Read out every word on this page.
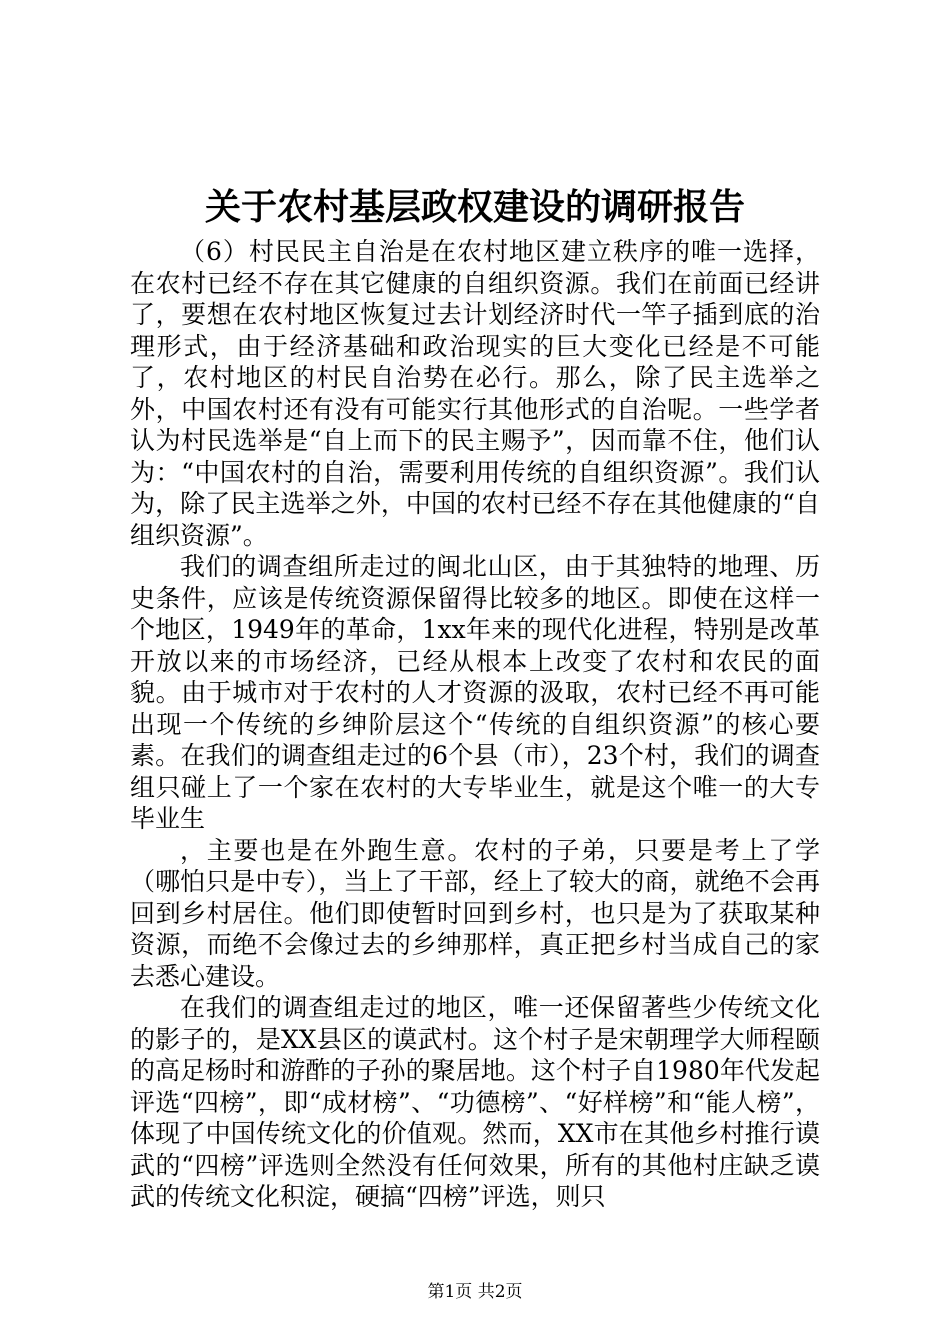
关于农村基层政权建设的调研报告

（6）村民民主自治是在农村地区建立秩序的唯一选择，在农村已经不存在其它健康的自组织资源。我们在前面已经讲了，要想在农村地区恢复过去计划经济时代一竿子插到底的治理形式，由于经济基础和政治现实的巨大变化已经是不可能了，农村地区的村民自治势在必行。那么，除了民主选举之外，中国农村还有没有可能实行其他形式的自治呢。一些学者认为村民选举是“自上而下的民主赐予”，因而靠不住，他们认为：“中国农村的自治，需要利用传统的自组织资源”。我们认为，除了民主选举之外，中国的农村已经不存在其他健康的“自组织资源”。

我们的调查组所走过的闽北山区，由于其独特的地理、历史条件，应该是传统资源保留得比较多的地区。即使在这样一个地区，1949年的革命，1xx年来的现代化进程，特别是改革开放以来的市场经济，已经从根本上改变了农村和农民的面貌。由于城市对于农村的人才资源的汲取，农村已经不再可能出现一个传统的乡绅阶层这个“传统的自组织资源”的核心要素。在我们的调查组走过的6个县（市），23个村，我们的调查组只碰上了一个家在农村的大专毕业生，就是这个唯一的大专毕业生

，主要也是在外跑生意。农村的子弟，只要是考上了学（哪怕只是中专），当上了干部，经上了较大的商，就绝不会再回到乡村居住。他们即使暂时回到乡村，也只是为了获取某种资源，而绝不会像过去的乡绅那样，真正把乡村当成自己的家去悉心建设。

在我们的调查组走过的地区，唯一还保留著些少传统文化的影子的，是XX县区的谟武村。这个村子是宋朝理学大师程颐的高足杨时和游酢的子孙的聚居地。这个村子自1980年代发起评选“四榜”，即“成材榜”、“功德榜”、“好样榜”和“能人榜”，体现了中国传统文化的价值观。然而，XX市在其他乡村推行谟武的“四榜”评选则全然没有任何效果，所有的其他村庄缺乏谟武的传统文化积淀，硬搞“四榜”评选，则只

第1页 共2页
